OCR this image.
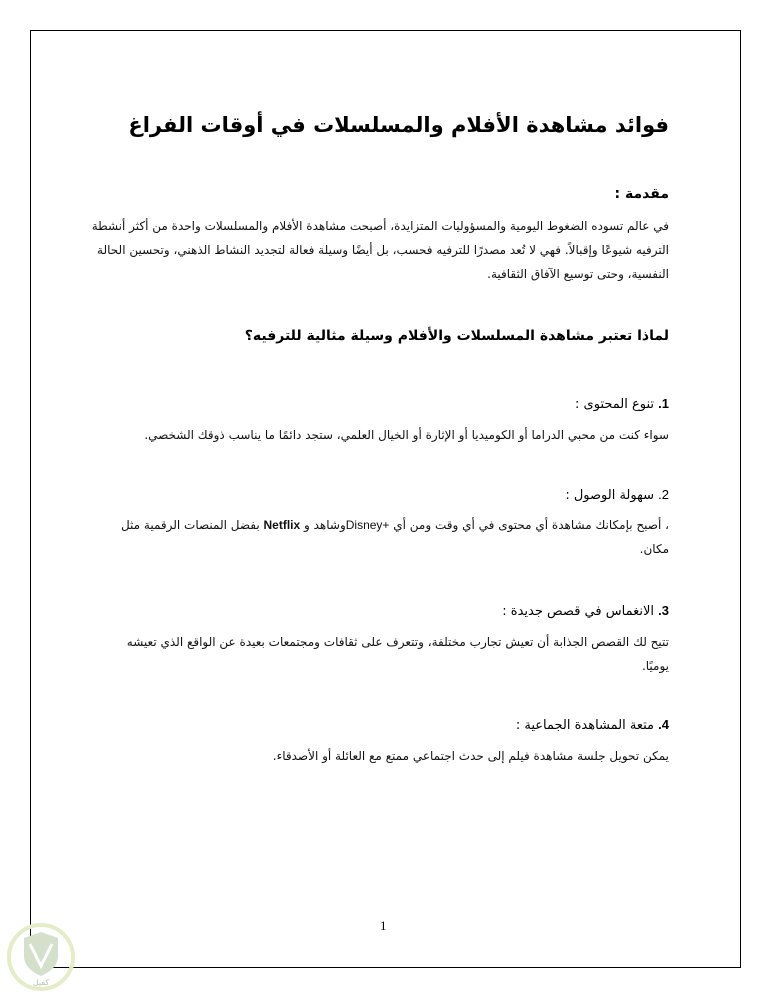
فوائد مشاهدة الأفلام والمسلسلات في أوقات الفراغ
مقدمة :
في عالم تسوده الضغوط اليومية والمسؤوليات المتزايدة، أصبحت مشاهدة الأفلام والمسلسلات واحدة من أكثر أنشطة
الترفيه شيوعًا وإقبالاً. فهي لا تُعد مصدرًا للترفيه فحسب، بل أيضًا وسيلة فعالة لتجديد النشاط الذهني، وتحسين الحالة
النفسية، وحتى توسيع الآفاق الثقافية.
لماذا تعتبر مشاهدة المسلسلات والأفلام وسيلة مثالية للترفيه؟
1. تنوع المحتوى :
سواء كنت من محبي الدراما أو الكوميديا أو الإثارة أو الخيال العلمي، ستجد دائمًا ما يناسب ذوقك الشخصي.
2. سهولة الوصول :
، أصبح بإمكانك مشاهدة أي محتوى في أي وقت ومن أي Disney+وشاهد و Netflix بفضل المنصات الرقمية مثل
مكان.
3. الانغماس في قصص جديدة :
تتيح لك القصص الجذابة أن تعيش تجارب مختلفة، وتتعرف على ثقافات ومجتمعات بعيدة عن الواقع الذي تعيشه
يوميًا.
4. متعة المشاهدة الجماعية :
يمكن تحويل جلسة مشاهدة فيلم إلى حدث اجتماعي ممتع مع العائلة أو الأصدقاء.
1
كفيل
